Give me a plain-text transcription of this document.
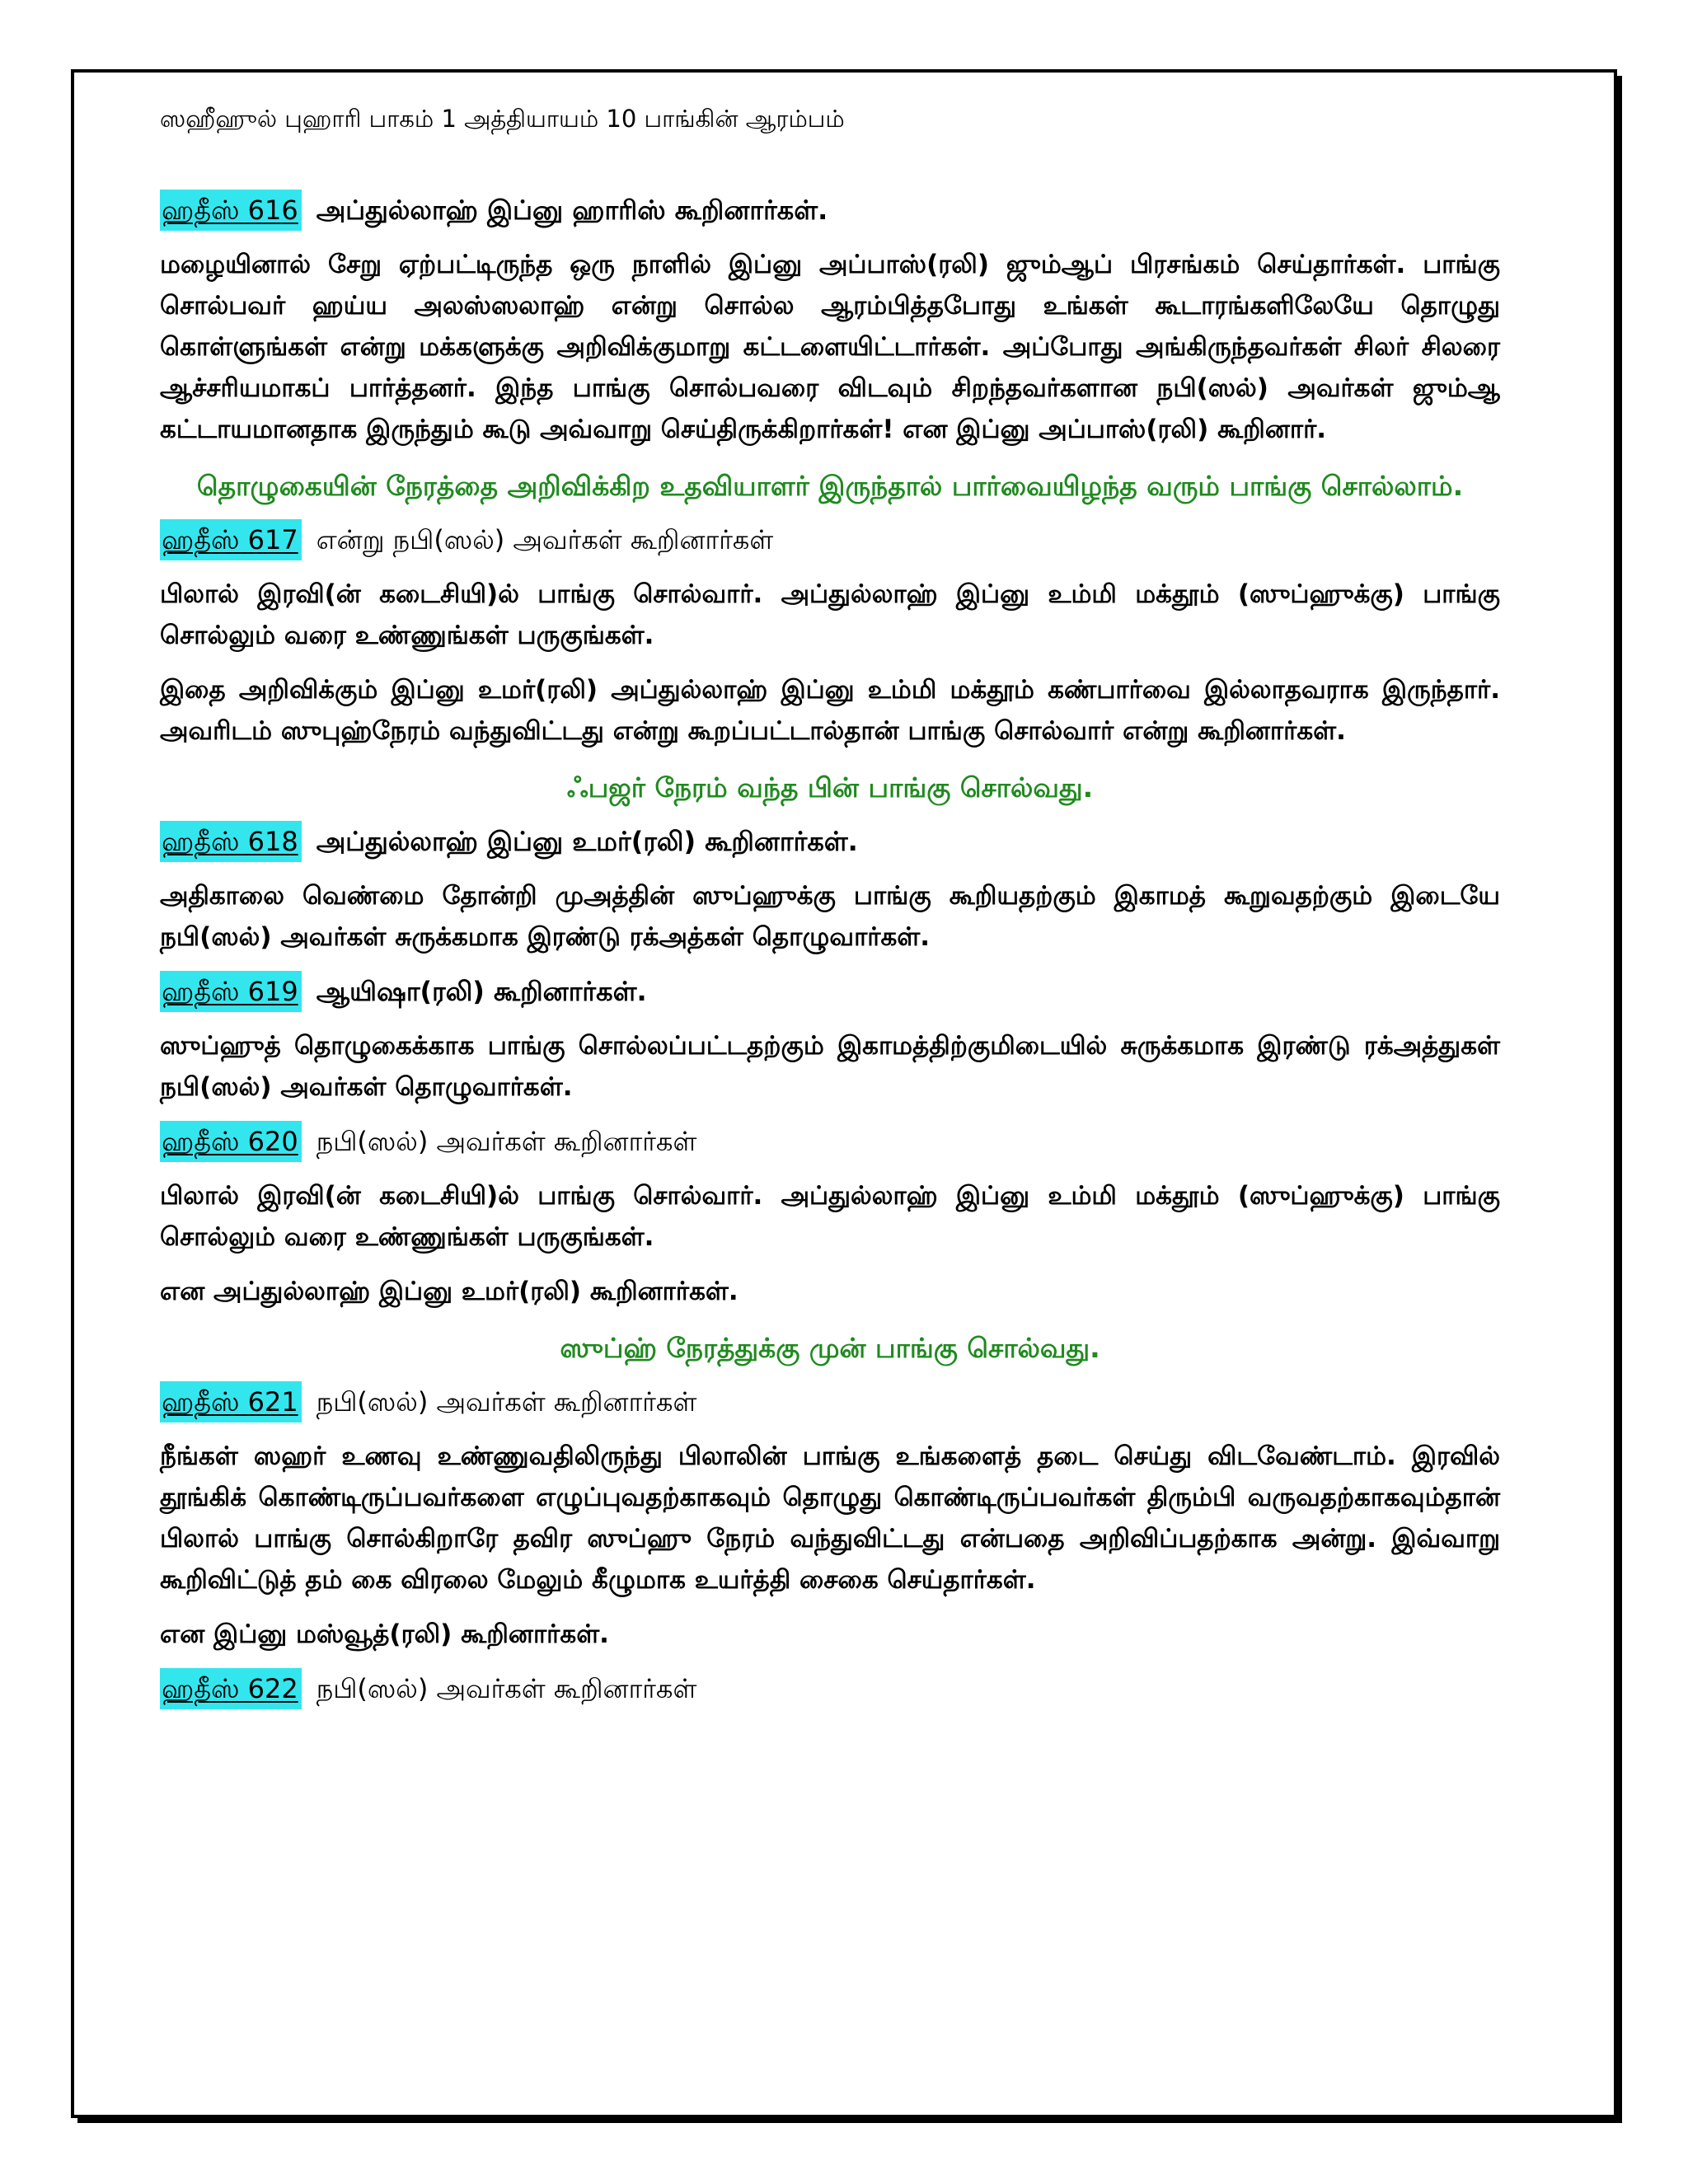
ஸஹீஹுல் புஹாரி பாகம் 1 அத்தியாயம் 10 பாங்கின் ஆரம்பம்
ஹதீஸ் 616 அப்துல்லாஹ் இப்னு ஹாரிஸ் கூறினார்கள்.

மழையினால் சேறு ஏற்பட்டிருந்த ஒரு நாளில் இப்னு அப்பாஸ்(ரலி) ஜும்ஆப் பிரசங்கம் செய்தார்கள். பாங்கு சொல்பவர் ஹய்ய அலஸ்ஸலாஹ் என்று சொல்ல ஆரம்பித்தபோது உங்கள் கூடாரங்களிலேயே தொழுது கொள்ளுங்கள் என்று மக்களுக்கு அறிவிக்குமாறு கட்டளையிட்டார்கள். அப்போது அங்கிருந்தவர்கள் சிலர் சிலரை ஆச்சரியமாகப் பார்த்தனர். இந்த பாங்கு சொல்பவரை விடவும் சிறந்தவர்களான நபி(ஸல்) அவர்கள் ஜும்ஆ கட்டாயமானதாக இருந்தும் கூடு அவ்வாறு செய்திருக்கிறார்கள்! என இப்னு அப்பாஸ்(ரலி) கூறினார்.

தொழுகையின் நேரத்தை அறிவிக்கிற உதவியாளர் இருந்தால் பார்வையிழந்த வரும் பாங்கு சொல்லாம்.
ஹதீஸ் 617 என்று நபி(ஸல்) அவர்கள் கூறினார்கள்

பிலால் இரவி(ன் கடைசியி)ல் பாங்கு சொல்வார். அப்துல்லாஹ் இப்னு உம்மி மக்தூம் (ஸுப்ஹுக்கு) பாங்கு சொல்லும் வரை உண்ணுங்கள் பருகுங்கள்.

இதை அறிவிக்கும் இப்னு உமர்(ரலி) அப்துல்லாஹ் இப்னு உம்மி மக்தூம் கண்பார்வை இல்லாதவராக இருந்தார். அவரிடம் ஸுபுஹ்நேரம் வந்துவிட்டது என்று கூறப்பட்டால்தான் பாங்கு சொல்வார் என்று கூறினார்கள்.

ஃபஜர் நேரம் வந்த பின் பாங்கு சொல்வது.
ஹதீஸ் 618 அப்துல்லாஹ் இப்னு உமர்(ரலி) கூறினார்கள்.

அதிகாலை வெண்மை தோன்றி முஅத்தின் ஸுப்ஹுக்கு பாங்கு கூறியதற்கும் இகாமத் கூறுவதற்கும் இடையே நபி(ஸல்) அவர்கள் சுருக்கமாக இரண்டு ரக்அத்கள் தொழுவார்கள்.

ஹதீஸ் 619 ஆயிஷா(ரலி) கூறினார்கள்.

ஸுப்ஹுத் தொழுகைக்காக பாங்கு சொல்லப்பட்டதற்கும் இகாமத்திற்குமிடையில் சுருக்கமாக இரண்டு ரக்அத்துகள் நபி(ஸல்) அவர்கள் தொழுவார்கள்.

ஹதீஸ் 620 நபி(ஸல்) அவர்கள் கூறினார்கள்

பிலால் இரவி(ன் கடைசியி)ல் பாங்கு சொல்வார். அப்துல்லாஹ் இப்னு உம்மி மக்தூம் (ஸுப்ஹுக்கு) பாங்கு சொல்லும் வரை உண்ணுங்கள் பருகுங்கள்.

என அப்துல்லாஹ் இப்னு உமர்(ரலி) கூறினார்கள்.

ஸுப்ஹ் நேரத்துக்கு முன் பாங்கு சொல்வது.
ஹதீஸ் 621 நபி(ஸல்) அவர்கள் கூறினார்கள்

நீங்கள் ஸஹர் உணவு உண்ணுவதிலிருந்து பிலாலின் பாங்கு உங்களைத் தடை செய்து விடவேண்டாம். இரவில் தூங்கிக் கொண்டிருப்பவர்களை எழுப்புவதற்காகவும் தொழுது கொண்டிருப்பவர்கள் திரும்பி வருவதற்காகவும்தான் பிலால் பாங்கு சொல்கிறாரே தவிர ஸுப்ஹு நேரம் வந்துவிட்டது என்பதை அறிவிப்பதற்காக அன்று. இவ்வாறு கூறிவிட்டுத் தம் கை விரலை மேலும் கீழுமாக உயர்த்தி சைகை செய்தார்கள்.

என இப்னு மஸ்வூத்(ரலி) கூறினார்கள்.

ஹதீஸ் 622 நபி(ஸல்) அவர்கள் கூறினார்கள்
